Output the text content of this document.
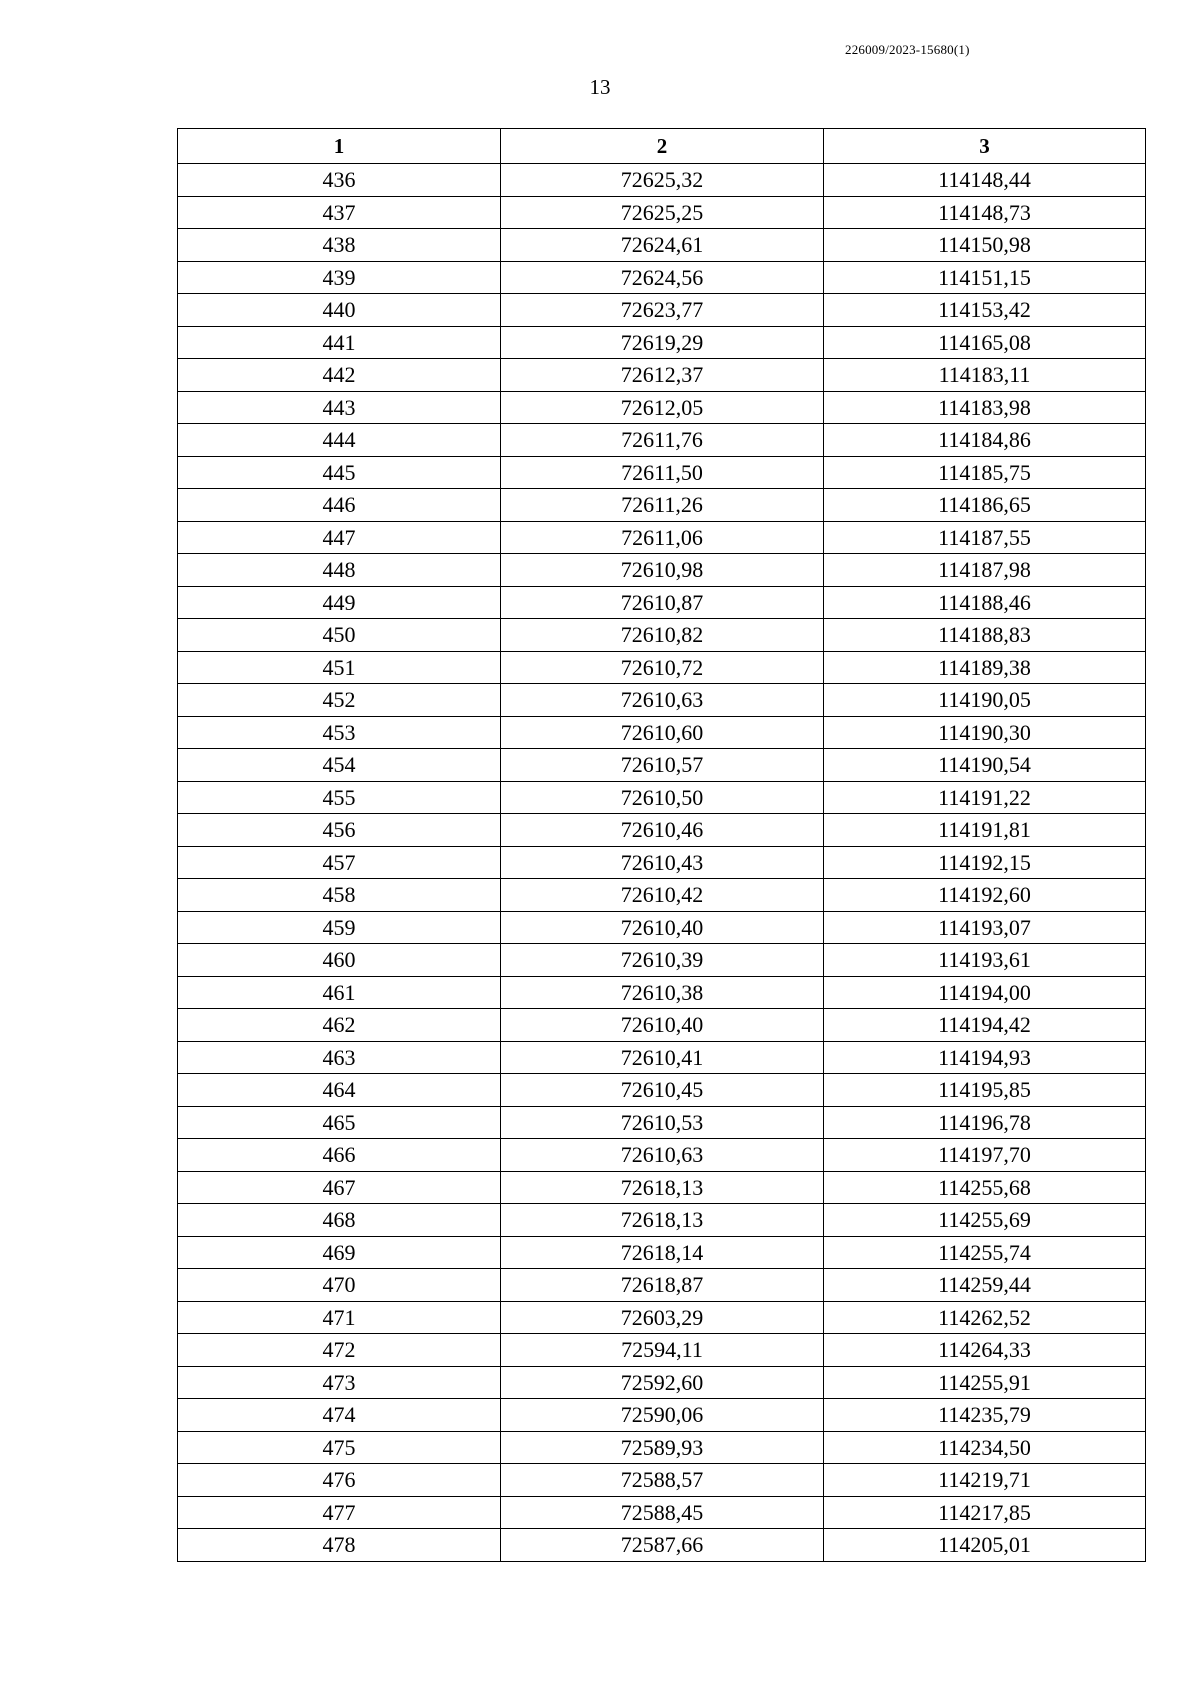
226009/2023-15680(1)
13
1	2	3
436	72625,32	114148,44
437	72625,25	114148,73
438	72624,61	114150,98
439	72624,56	114151,15
440	72623,77	114153,42
441	72619,29	114165,08
442	72612,37	114183,11
443	72612,05	114183,98
444	72611,76	114184,86
445	72611,50	114185,75
446	72611,26	114186,65
447	72611,06	114187,55
448	72610,98	114187,98
449	72610,87	114188,46
450	72610,82	114188,83
451	72610,72	114189,38
452	72610,63	114190,05
453	72610,60	114190,30
454	72610,57	114190,54
455	72610,50	114191,22
456	72610,46	114191,81
457	72610,43	114192,15
458	72610,42	114192,60
459	72610,40	114193,07
460	72610,39	114193,61
461	72610,38	114194,00
462	72610,40	114194,42
463	72610,41	114194,93
464	72610,45	114195,85
465	72610,53	114196,78
466	72610,63	114197,70
467	72618,13	114255,68
468	72618,13	114255,69
469	72618,14	114255,74
470	72618,87	114259,44
471	72603,29	114262,52
472	72594,11	114264,33
473	72592,60	114255,91
474	72590,06	114235,79
475	72589,93	114234,50
476	72588,57	114219,71
477	72588,45	114217,85
478	72587,66	114205,01
